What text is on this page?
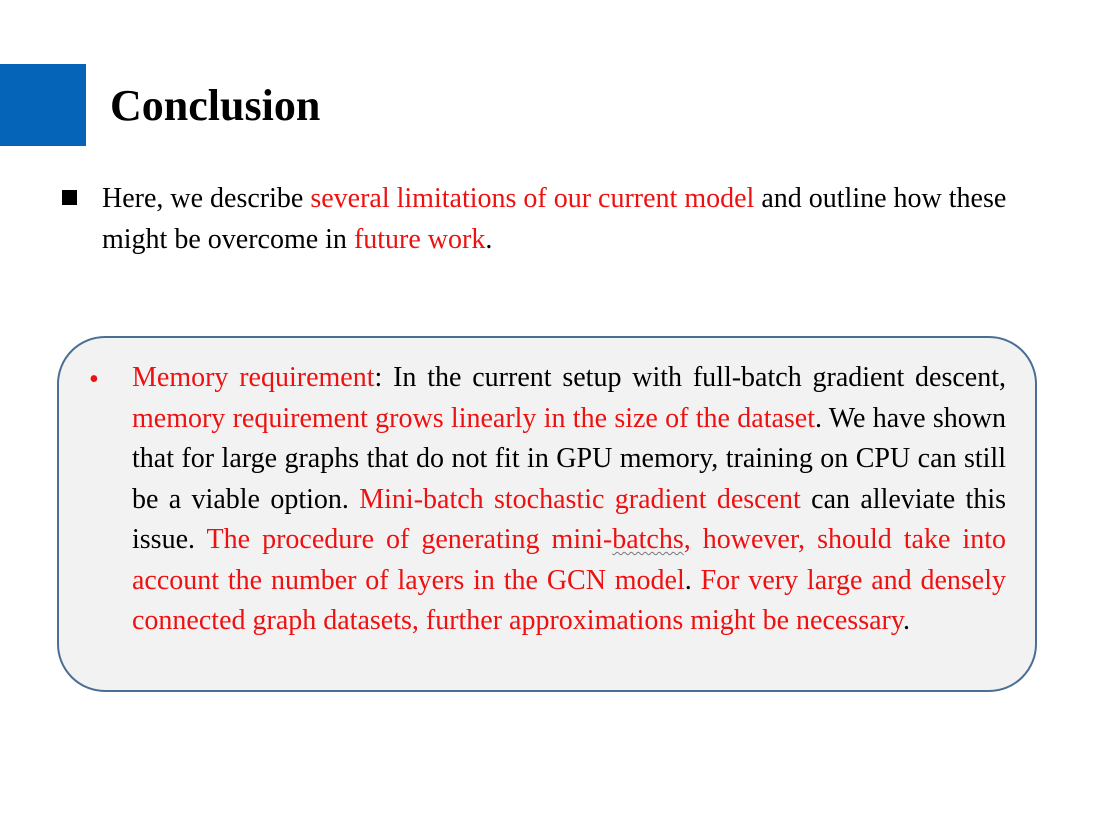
Conclusion

Here, we describe several limitations of our current model and outline how these might be overcome in future work.

• Memory requirement: In the current setup with full-batch gradient descent, memory requirement grows linearly in the size of the dataset. We have shown that for large graphs that do not fit in GPU memory, training on CPU can still be a viable option. Mini-batch stochastic gradient descent can alleviate this issue. The procedure of generating mini-batchs, however, should take into account the number of layers in the GCN model. For very large and densely connected graph datasets, further approximations might be necessary.
